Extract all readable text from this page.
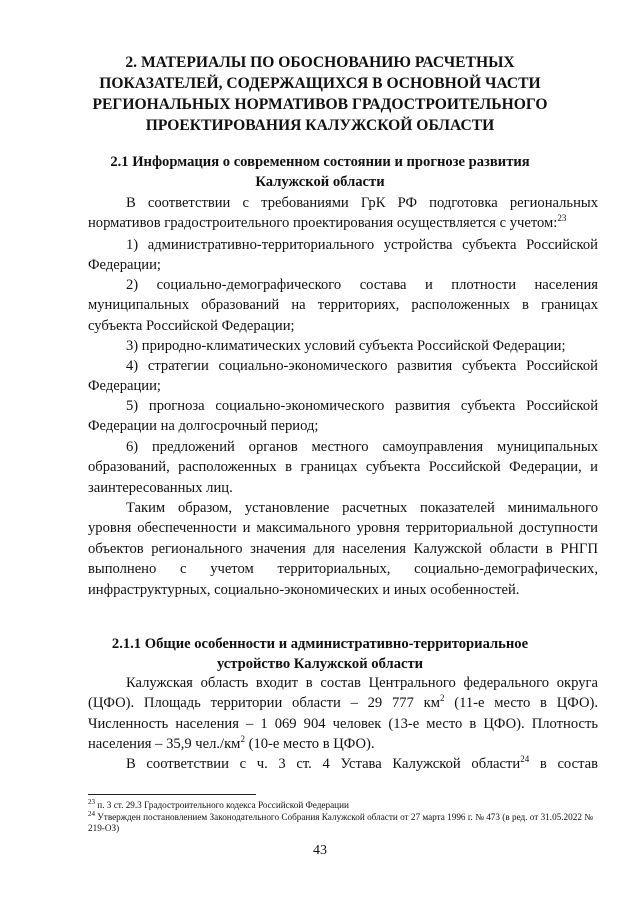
2. МАТЕРИАЛЫ ПО ОБОСНОВАНИЮ РАСЧЕТНЫХ
ПОКАЗАТЕЛЕЙ, СОДЕРЖАЩИХСЯ В ОСНОВНОЙ ЧАСТИ
РЕГИОНАЛЬНЫХ НОРМАТИВОВ ГРАДОСТРОИТЕЛЬНОГО
ПРОЕКТИРОВАНИЯ КАЛУЖСКОЙ ОБЛАСТИ
2.1 Информация о современном состоянии и прогнозе развития
Калужской области

В соответствии с требованиями ГрК РФ подготовка региональных нормативов градостроительного проектирования осуществляется с учетом:$^{23}$

1) административно-территориального устройства субъекта Российской Федерации;

2) социально-демографического состава и плотности населения муниципальных образований на территориях, расположенных в границах субъекта Российской Федерации;

3) природно-климатических условий субъекта Российской Федерации;

4) стратегии социально-экономического развития субъекта Российской Федерации;

5) прогноза социально-экономического развития субъекта Российской Федерации на долгосрочный период;

6) предложений органов местного самоуправления муниципальных образований, расположенных в границах субъекта Российской Федерации, и заинтересованных лиц.

Таким образом, установление расчетных показателей минимального уровня обеспеченности и максимального уровня территориальной доступности объектов регионального значения для населения Калужской области в РНГП выполнено с учетом территориальных, социально-демографических, инфраструктурных, социально-экономических и иных особенностей.

2.1.1 Общие особенности и административно-территориальное
устройство Калужской области

Калужская область входит в состав Центрального федерального округа (ЦФО). Площадь территории области – 29 777 $км^2$ (11-е место в ЦФО). Численность населения – 1 069 904 человек (13-е место в ЦФО). Плотность населения – 35,9 $чел./км^2$ (10-е место в ЦФО).

В соответствии с ч. 3 ст. 4 Устава Калужской области$^{24}$ в состав

$^{23}$ п. 3 ст. 29.3 Градостроительного кодекса Российской Федерации

$^{24}$ Утвержден постановлением Законодательного Собрания Калужской области от 27 марта 1996 г. № 473 (в ред. от 31.05.2022 № 219-ОЗ)

43
